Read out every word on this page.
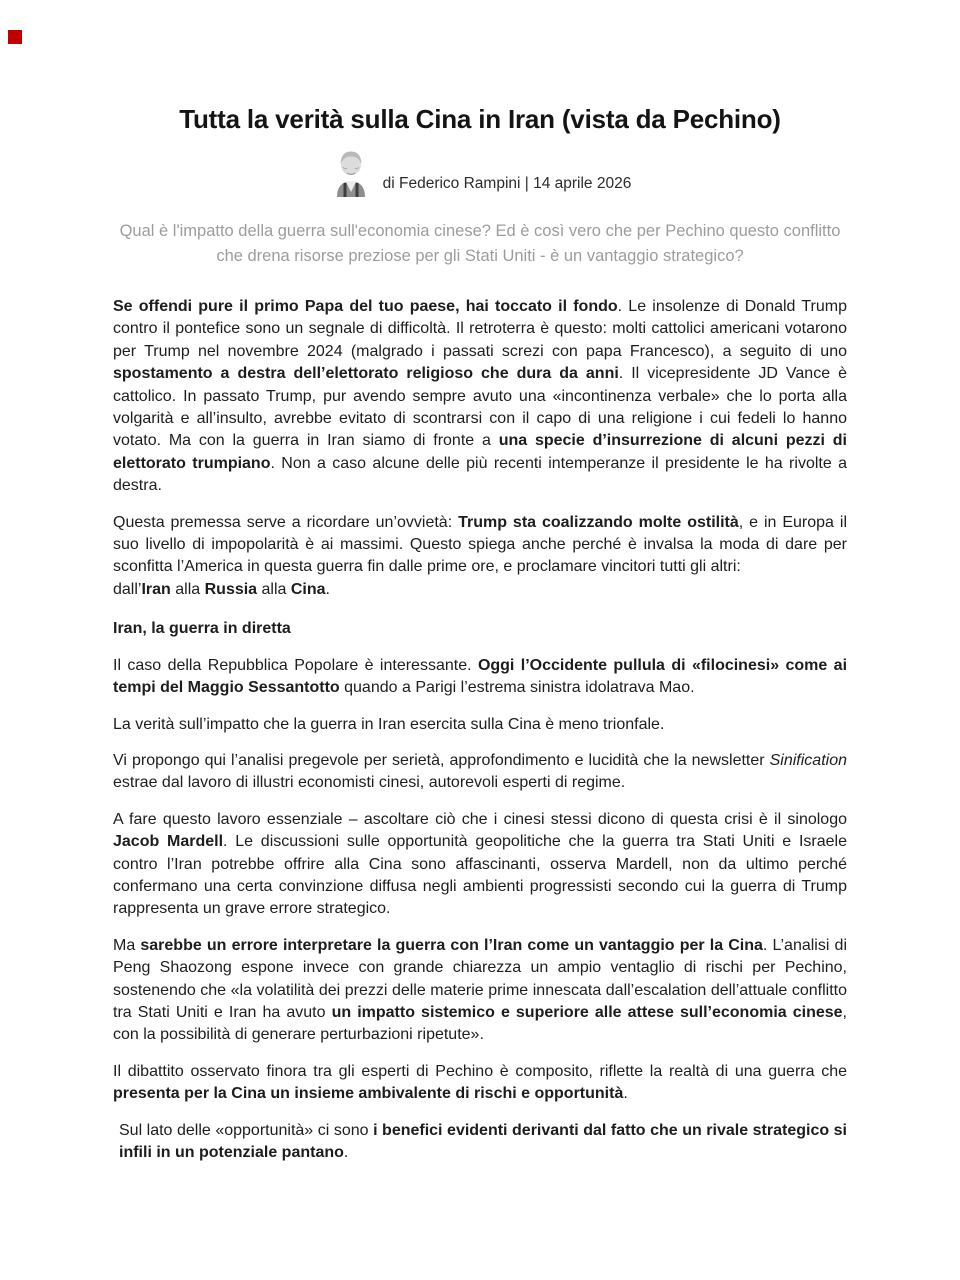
Tutta la verità sulla Cina in Iran (vista da Pechino)
di Federico Rampini | 14 aprile 2026

Qual è l'impatto della guerra sull'economia cinese? Ed è così vero che per Pechino questo conflitto che drena risorse preziose per gli Stati Uniti - è un vantaggio strategico?

Se offendi pure il primo Papa del tuo paese, hai toccato il fondo. Le insolenze di Donald Trump contro il pontefice sono un segnale di difficoltà. Il retroterra è questo: molti cattolici americani votarono per Trump nel novembre 2024 (malgrado i passati screzi con papa Francesco), a seguito di uno spostamento a destra dell’elettorato religioso che dura da anni. Il vicepresidente JD Vance è cattolico. In passato Trump, pur avendo sempre avuto una «incontinenza verbale» che lo porta alla volgarità e all’insulto, avrebbe evitato di scontrarsi con il capo di una religione i cui fedeli lo hanno votato. Ma con la guerra in Iran siamo di fronte a una specie d’insurrezione di alcuni pezzi di elettorato trumpiano. Non a caso alcune delle più recenti intemperanze il presidente le ha rivolte a destra.

Questa premessa serve a ricordare un’ovvietà: Trump sta coalizzando molte ostilità, e in Europa il suo livello di impopolarità è ai massimi. Questo spiega anche perché è invalsa la moda di dare per sconfitta l’America in questa guerra fin dalle prime ore, e proclamare vincitori tutti gli altri:
dall’Iran alla Russia alla Cina.

Iran, la guerra in diretta

Il caso della Repubblica Popolare è interessante. Oggi l’Occidente pullula di «filocinesi» come ai tempi del Maggio Sessantotto quando a Parigi l’estrema sinistra idolatrava Mao.

La verità sull’impatto che la guerra in Iran esercita sulla Cina è meno trionfale.

Vi propongo qui l’analisi pregevole per serietà, approfondimento e lucidità che la newsletter Sinification estrae dal lavoro di illustri economisti cinesi, autorevoli esperti di regime.

A fare questo lavoro essenziale – ascoltare ciò che i cinesi stessi dicono di questa crisi è il sinologo Jacob Mardell. Le discussioni sulle opportunità geopolitiche che la guerra tra Stati Uniti e Israele contro l’Iran potrebbe offrire alla Cina sono affascinanti, osserva Mardell, non da ultimo perché confermano una certa convinzione diffusa negli ambienti progressisti secondo cui la guerra di Trump rappresenta un grave errore strategico.

Ma sarebbe un errore interpretare la guerra con l’Iran come un vantaggio per la Cina. L’analisi di Peng Shaozong espone invece con grande chiarezza un ampio ventaglio di rischi per Pechino, sostenendo che «la volatilità dei prezzi delle materie prime innescata dall’escalation dell’attuale conflitto tra Stati Uniti e Iran ha avuto un impatto sistemico e superiore alle attese sull’economia cinese, con la possibilità di generare perturbazioni ripetute».

Il dibattito osservato finora tra gli esperti di Pechino è composito, riflette la realtà di una guerra che presenta per la Cina un insieme ambivalente di rischi e opportunità.

Sul lato delle «opportunità» ci sono i benefici evidenti derivanti dal fatto che un rivale strategico si infili in un potenziale pantano.
